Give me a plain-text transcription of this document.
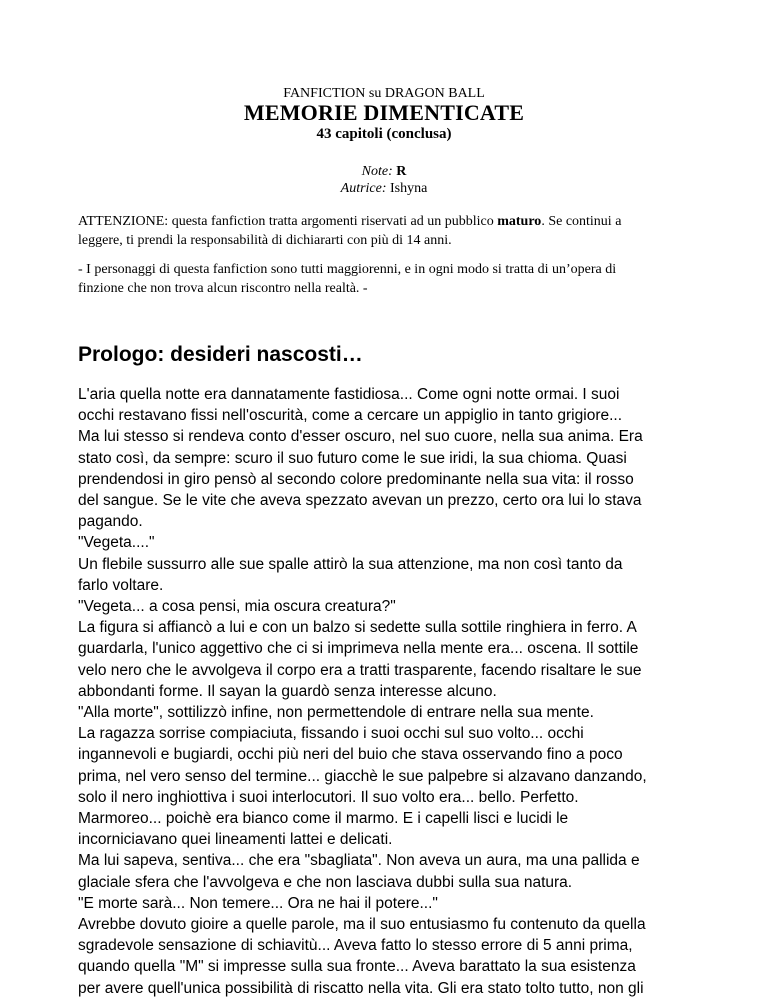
FANFICTION su DRAGON BALL
MEMORIE DIMENTICATE
43 capitoli (conclusa)
Note: R
Autrice: Ishyna
ATTENZIONE: questa fanfiction tratta argomenti riservati ad un pubblico maturo. Se continui a
leggere, ti prendi la responsabilità di dichiararti con più di 14 anni.
- I personaggi di questa fanfiction sono tutti maggiorenni, e in ogni modo si tratta di un’opera di
finzione che non trova alcun riscontro nella realtà. -
Prologo: desideri nascosti…
L'aria quella notte era dannatamente fastidiosa... Come ogni notte ormai. I suoi
occhi restavano fissi nell'oscurità, come a cercare un appiglio in tanto grigiore...
Ma lui stesso si rendeva conto d'esser oscuro, nel suo cuore, nella sua anima. Era
stato così, da sempre: scuro il suo futuro come le sue iridi, la sua chioma. Quasi
prendendosi in giro pensò al secondo colore predominante nella sua vita: il rosso
del sangue. Se le vite che aveva spezzato avevan un prezzo, certo ora lui lo stava
pagando.
"Vegeta...."
Un flebile sussurro alle sue spalle attirò la sua attenzione, ma non così tanto da
farlo voltare.
"Vegeta... a cosa pensi, mia oscura creatura?"
La figura si affiancò a lui e con un balzo si sedette sulla sottile ringhiera in ferro. A
guardarla, l'unico aggettivo che ci si imprimeva nella mente era... oscena. Il sottile
velo nero che le avvolgeva il corpo era a tratti trasparente, facendo risaltare le sue
abbondanti forme. Il sayan la guardò senza interesse alcuno.
"Alla morte", sottilizzò infine, non permettendole di entrare nella sua mente.
La ragazza sorrise compiaciuta, fissando i suoi occhi sul suo volto... occhi
ingannevoli e bugiardi, occhi più neri del buio che stava osservando fino a poco
prima, nel vero senso del termine... giacchè le sue palpebre si alzavano danzando,
solo il nero inghiottiva i suoi interlocutori. Il suo volto era... bello. Perfetto.
Marmoreo... poichè era bianco come il marmo. E i capelli lisci e lucidi le
incorniciavano quei lineamenti lattei e delicati.
Ma lui sapeva, sentiva... che era "sbagliata". Non aveva un aura, ma una pallida e
glaciale sfera che l'avvolgeva e che non lasciava dubbi sulla sua natura.
"E morte sarà... Non temere... Ora ne hai il potere..."
Avrebbe dovuto gioire a quelle parole, ma il suo entusiasmo fu contenuto da quella
sgradevole sensazione di schiavitù... Aveva fatto lo stesso errore di 5 anni prima,
quando quella "M" si impresse sulla sua fronte... Aveva barattato la sua esistenza
per avere quell'unica possibilità di riscatto nella vita. Gli era stato tolto tutto, non gli
